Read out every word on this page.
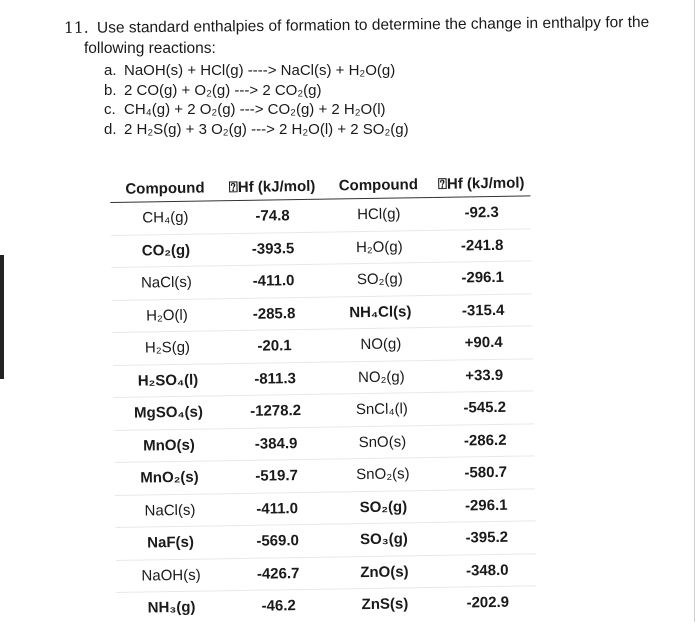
11. Use standard enthalpies of formation to determine the change in enthalpy for the
following reactions:
a. NaOH(s) + HCl(g) ----> NaCl(s) + H₂O(g)
b. 2 CO(g) + O₂(g) ---> 2 CO₂(g)
c. CH₄(g) + 2 O₂(g) ---> CO₂(g) + 2 H₂O(l)
d. 2 H₂S(g) + 3 O₂(g) ---> 2 H₂O(l) + 2 SO₂(g)
Compound	⍰Hf (kJ/mol)	Compound	⍰Hf (kJ/mol)
CH₄(g)	-74.8	HCl(g)	-92.3
CO₂(g)	-393.5	H₂O(g)	-241.8
NaCl(s)	-411.0	SO₂(g)	-296.1
H₂O(l)	-285.8	NH₄Cl(s)	-315.4
H₂S(g)	-20.1	NO(g)	+90.4
H₂SO₄(l)	-811.3	NO₂(g)	+33.9
MgSO₄(s)	-1278.2	SnCl₄(l)	-545.2
MnO(s)	-384.9	SnO(s)	-286.2
MnO₂(s)	-519.7	SnO₂(s)	-580.7
NaCl(s)	-411.0	SO₂(g)	-296.1
NaF(s)	-569.0	SO₃(g)	-395.2
NaOH(s)	-426.7	ZnO(s)	-348.0
NH₃(g)	-46.2	ZnS(s)	-202.9
